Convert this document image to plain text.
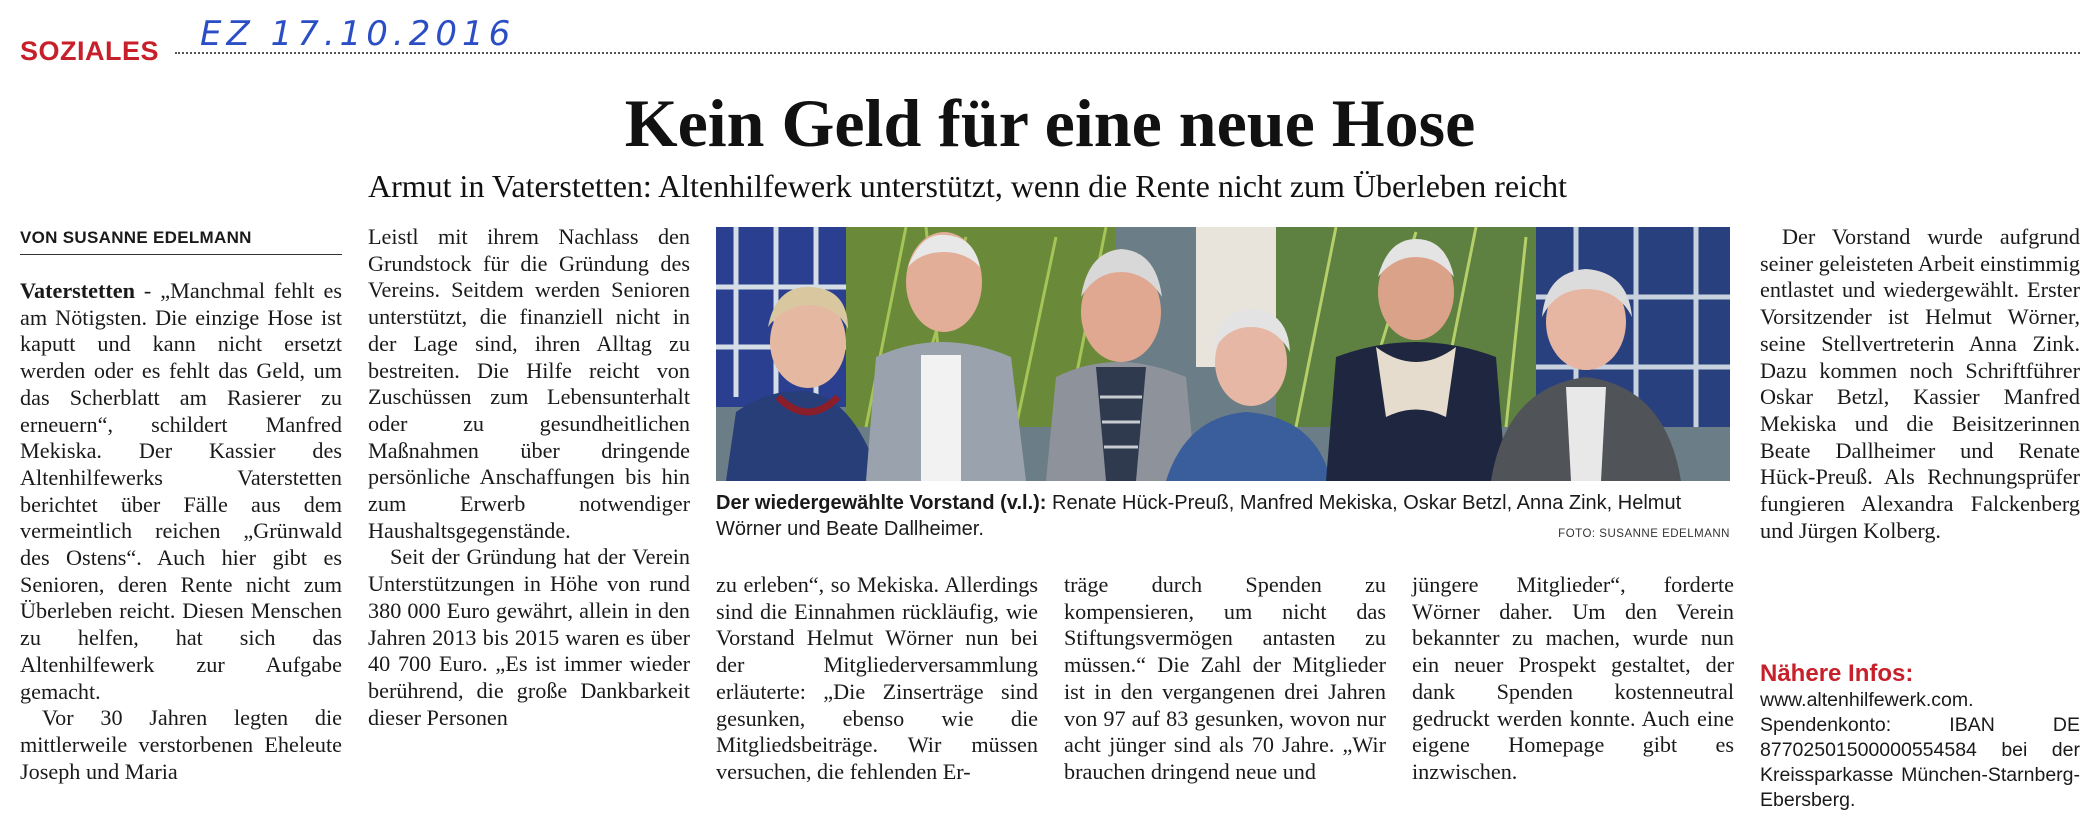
SOZIALES EZ 17.10.2016
Kein Geld für eine neue Hose
Armut in Vaterstetten: Altenhilfewerk unterstützt, wenn die Rente nicht zum Überleben reicht
VON SUSANNE EDELMANN

Vaterstetten - „Manchmal fehlt es am Nötigsten. Die einzige Hose ist kaputt und kann nicht ersetzt werden oder es fehlt das Geld, um das Scherblatt am Rasierer zu erneuern“, schildert Manfred Mekiska. Der Kassier des Altenhilfewerks Vaterstetten berichtet über Fälle aus dem vermeintlich reichen „Grünwald des Ostens“. Auch hier gibt es Senioren, deren Rente nicht zum Überleben reicht. Diesen Menschen zu helfen, hat sich das Altenhilfewerk zur Aufgabe gemacht.

Vor 30 Jahren legten die mittlerweile verstorbenen Eheleute Joseph und Maria

Leistl mit ihrem Nachlass den Grundstock für die Gründung des Vereins. Seitdem werden Senioren unterstützt, die finanziell nicht in der Lage sind, ihren Alltag zu bestreiten. Die Hilfe reicht von Zuschüssen zum Lebensunterhalt oder zu gesundheitlichen Maßnahmen über dringende persönliche Anschaffungen bis hin zum Erwerb notwendiger Haushaltsgegenstände.

Seit der Gründung hat der Verein Unterstützungen in Höhe von rund 380 000 Euro gewährt, allein in den Jahren 2013 bis 2015 waren es über 40 700 Euro. „Es ist immer wieder berührend, die große Dankbarkeit dieser Personen

Der wiedergewählte Vorstand (v.l.): Renate Hück-Preuß, Manfred Mekiska, Oskar Betzl, Anna Zink, Helmut Wörner und Beate Dallheimer.	FOTO: SUSANNE EDELMANN

zu erleben“, so Mekiska. Allerdings sind die Einnahmen rückläufig, wie Vorstand Helmut Wörner nun bei der Mitgliederversammlung erläuterte: „Die Zinserträge sind gesunken, ebenso wie die Mitgliedsbeiträge. Wir müssen versuchen, die fehlenden Er-

träge durch Spenden zu kompensieren, um nicht das Stiftungsvermögen antasten zu müssen.“ Die Zahl der Mitglieder ist in den vergangenen drei Jahren von 97 auf 83 gesunken, wovon nur acht jünger sind als 70 Jahre. „Wir brauchen dringend neue und

jüngere Mitglieder“, forderte Wörner daher. Um den Verein bekannter zu machen, wurde nun ein neuer Prospekt gestaltet, der dank Spenden kostenneutral gedruckt werden konnte. Auch eine eigene Homepage gibt es inzwischen.

Der Vorstand wurde aufgrund seiner geleisteten Arbeit einstimmig entlastet und wiedergewählt. Erster Vorsitzender ist Helmut Wörner, seine Stellvertreterin Anna Zink. Dazu kommen noch Schriftführer Oskar Betzl, Kassier Manfred Mekiska und die Beisitzerinnen Beate Dallheimer und Renate Hück-Preuß. Als Rechnungsprüfer fungieren Alexandra Falckenberg und Jürgen Kolberg.

Nähere Infos:
www.altenhilfewerk.com. Spendenkonto: IBAN DE 87702501500000554584 bei der Kreissparkasse München-Starnberg-Ebersberg.
